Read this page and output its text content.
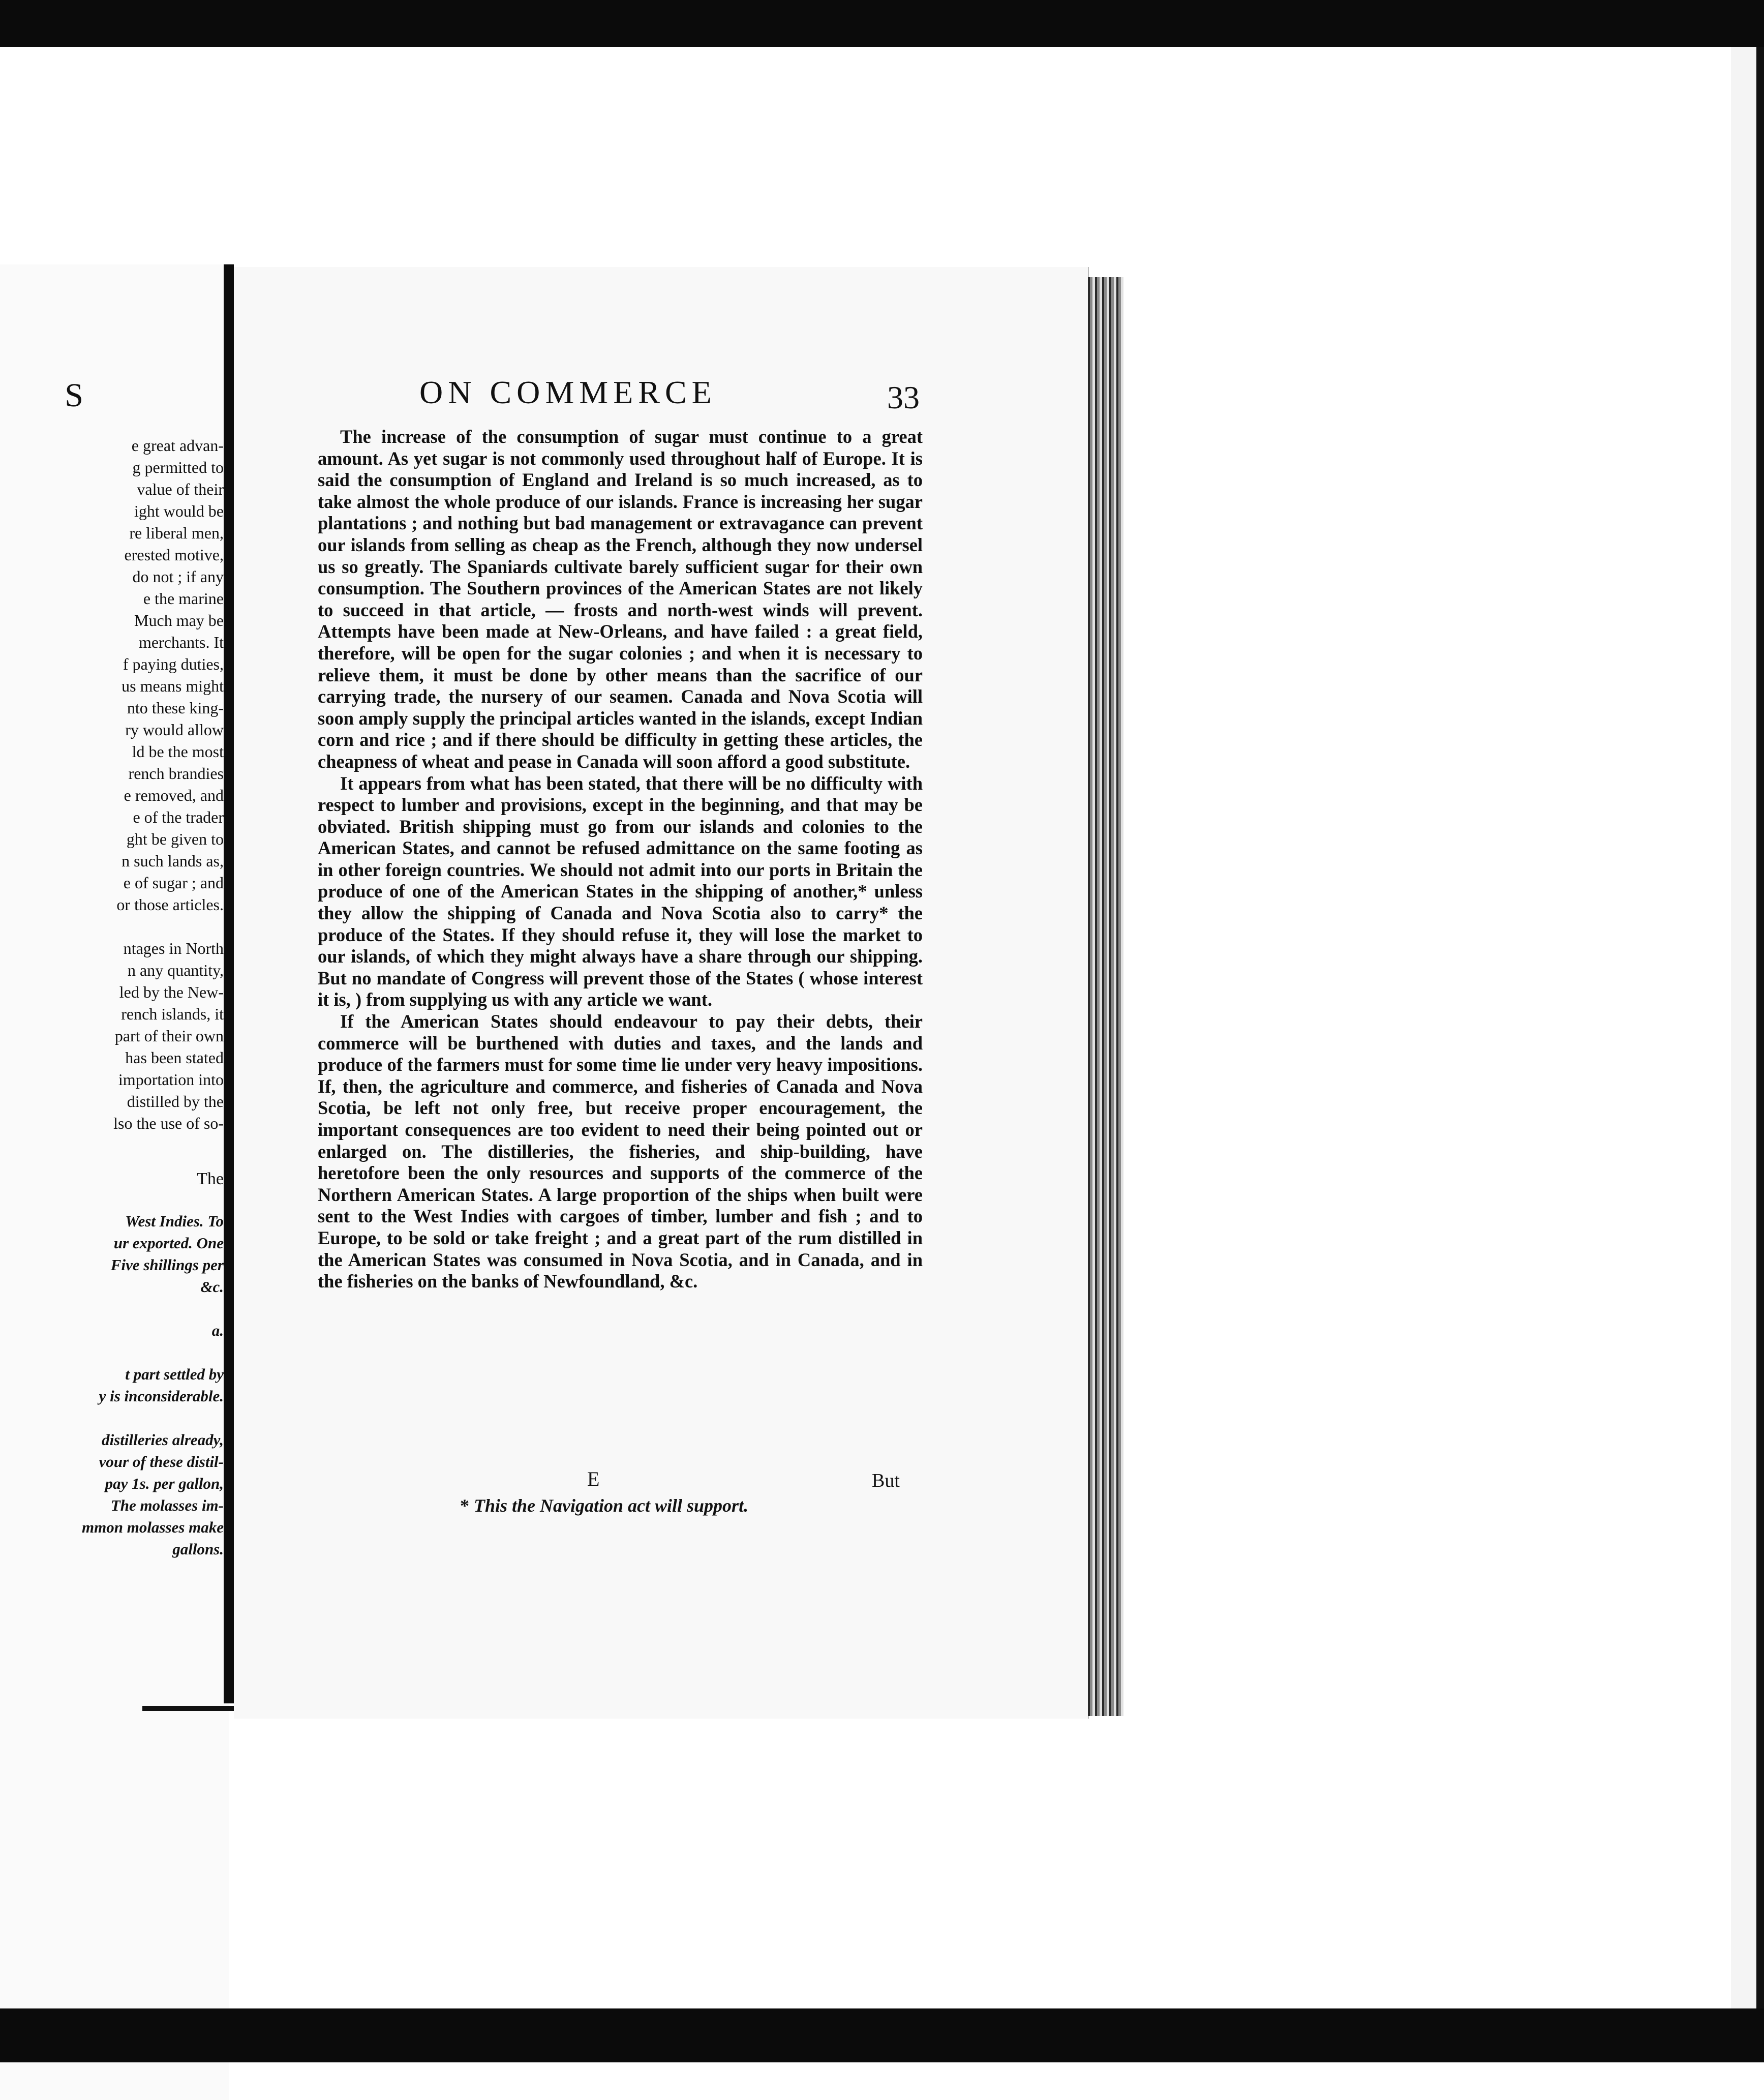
S
e great advan-
g permitted to
value of their
ight would be
re liberal men,
erested motive,
do not ; if any
e the marine
Much may be
merchants. It
f paying duties,
us means might
nto these king-
ry would allow
ld be the most
rench brandies
e removed, and
e of the trader
ght be given to
n such lands as,
e of sugar ; and
or those articles.
ntages in North
n any quantity,
led by the New-
rench islands, it
part of their own
has been stated
importation into
distilled by the
lso the use of so-
The
West Indies. To
ur exported. One
Five shillings per
&c.

a.

t part settled by
y is inconsiderable.

distilleries already,
vour of these distil-
pay 1s. per gallon,
The molasses im-
mmon molasses make
gallons.
ON COMMERCE	33

The increase of the consumption of sugar must continue to a great amount. As yet sugar is not commonly used throughout half of Europe. It is said the consumption of England and Ireland is so much increased, as to take almost the whole produce of our islands. France is increasing her sugar plantations ; and nothing but bad management or extravagance can prevent our islands from selling as cheap as the French, although they now undersel us so greatly. The Spaniards cultivate barely sufficient sugar for their own consumption. The Southern provinces of the American States are not likely to succeed in that article, — frosts and north-west winds will prevent. Attempts have been made at New-Orleans, and have failed : a great field, therefore, will be open for the sugar colonies ; and when it is necessary to relieve them, it must be done by other means than the sacrifice of our carrying trade, the nursery of our seamen. Canada and Nova Scotia will soon amply supply the principal articles wanted in the islands, except Indian corn and rice ; and if there should be difficulty in getting these articles, the cheapness of wheat and pease in Canada will soon afford a good substitute.

It appears from what has been stated, that there will be no difficulty with respect to lumber and provisions, except in the beginning, and that may be obviated. British shipping must go from our islands and colonies to the American States, and cannot be refused admittance on the same footing as in other foreign countries. We should not admit into our ports in Britain the produce of one of the American States in the shipping of another,* unless they allow the shipping of Canada and Nova Scotia also to carry* the produce of the States. If they should refuse it, they will lose the market to our islands, of which they might always have a share through our shipping. But no mandate of Congress will prevent those of the States ( whose interest it is, ) from supplying us with any article we want.

If the American States should endeavour to pay their debts, their commerce will be burthened with duties and taxes, and the lands and produce of the farmers must for some time lie under very heavy impositions. If, then, the agriculture and commerce, and fisheries of Canada and Nova Scotia, be left not only free, but receive proper encouragement, the important consequences are too evident to need their being pointed out or enlarged on. The distilleries, the fisheries, and ship-building, have heretofore been the only resources and supports of the commerce of the Northern American States. A large proportion of the ships when built were sent to the West Indies with cargoes of timber, lumber and fish ; and to Europe, to be sold or take freight ; and a great part of the rum distilled in the American States was consumed in Nova Scotia, and in Canada, and in the fisheries on the banks of Newfoundland, &c.

E	But
* This the Navigation act will support.
